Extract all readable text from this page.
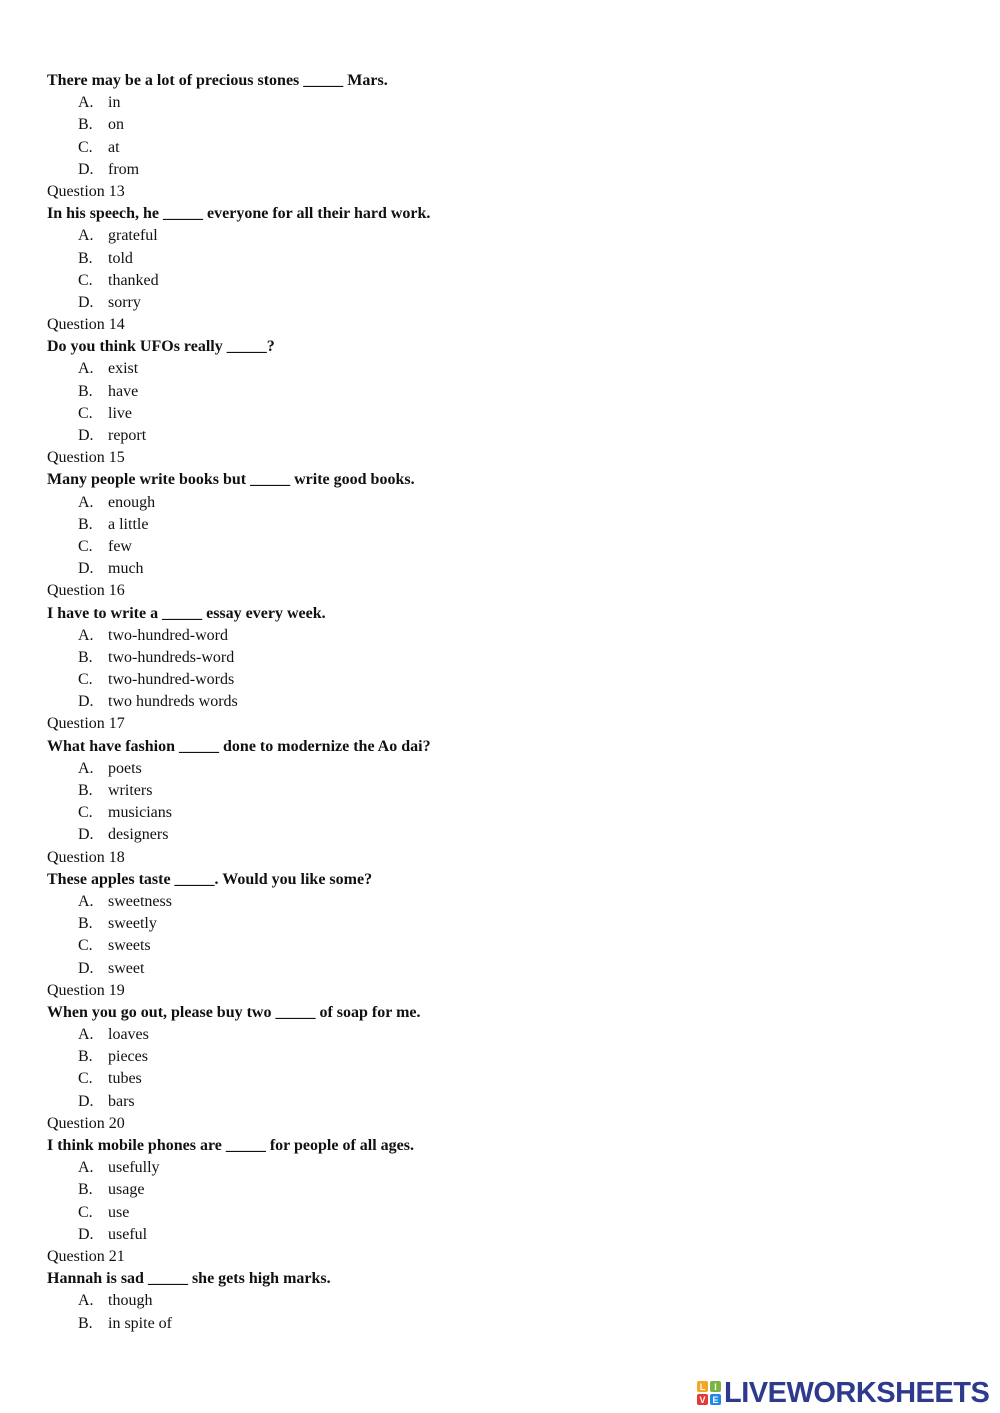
There may be a lot of precious stones _____ Mars.
A. in
B. on
C. at
D. from
Question 13
In his speech, he _____ everyone for all their hard work.
A. grateful
B. told
C. thanked
D. sorry
Question 14
Do you think UFOs really _____?
A. exist
B. have
C. live
D. report
Question 15
Many people write books but _____ write good books.
A. enough
B. a little
C. few
D. much
Question 16
I have to write a _____ essay every week.
A. two-hundred-word
B. two-hundreds-word
C. two-hundred-words
D. two hundreds words
Question 17
What have fashion _____ done to modernize the Ao dai?
A. poets
B. writers
C. musicians
D. designers
Question 18
These apples taste _____. Would you like some?
A. sweetness
B. sweetly
C. sweets
D. sweet
Question 19
When you go out, please buy two _____ of soap for me.
A. loaves
B. pieces
C. tubes
D. bars
Question 20
I think mobile phones are _____ for people of all ages.
A. usefully
B. usage
C. use
D. useful
Question 21
Hannah is sad _____ she gets high marks.
A. though
B. in spite of
L I
V E LIVEWORKSHEETS
